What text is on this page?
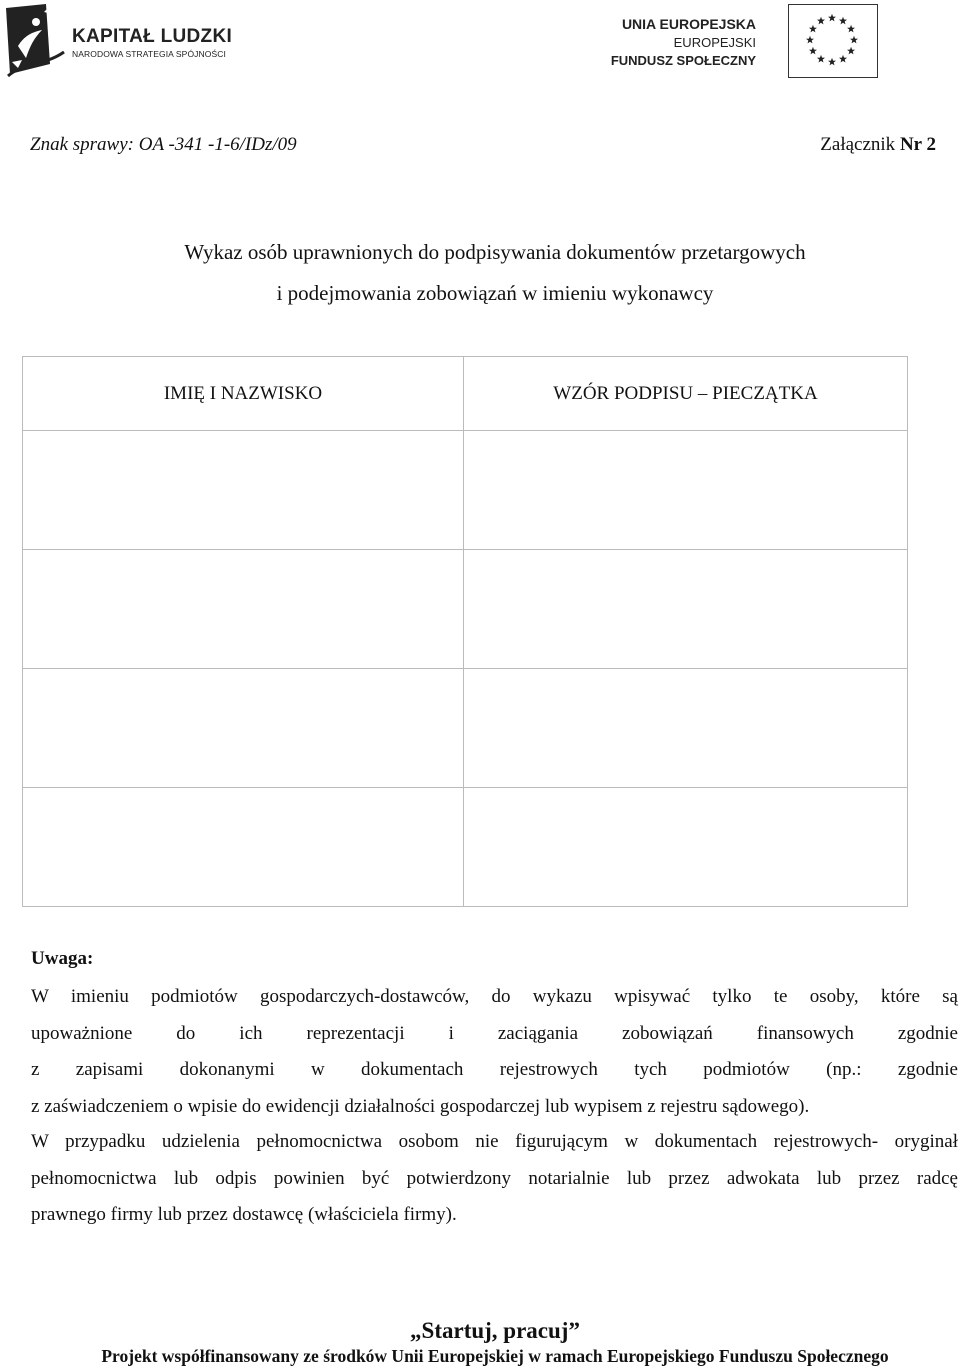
KAPITAŁ LUDZKI
NARODOWA STRATEGIA SPÓJNOŚCI
UNIA EUROPEJSKA
EUROPEJSKI
FUNDUSZ SPOŁECZNY
Znak sprawy: OA -341 -1-6/IDz/09	Załącznik Nr 2
Wykaz osób uprawnionych do podpisywania dokumentów przetargowych
i podejmowania zobowiązań w imieniu wykonawcy
IMIĘ I NAZWISKO	WZÓR PODPISU – PIECZĄTKA

Uwaga:
W imieniu podmiotów gospodarczych-dostawców, do wykazu wpisywać tylko te osoby, które są
upoważnione do ich reprezentacji i zaciągania zobowiązań finansowych zgodnie
z zapisami dokonanymi w dokumentach rejestrowych tych podmiotów (np.: zgodnie
z zaświadczeniem o wpisie do ewidencji działalności gospodarczej lub wypisem z rejestru sądowego).
W przypadku udzielenia pełnomocnictwa osobom nie figurującym w dokumentach rejestrowych- oryginał
pełnomocnictwa lub odpis powinien być potwierdzony notarialnie lub przez adwokata lub przez radcę
prawnego firmy lub przez dostawcę (właściciela firmy).
„Startuj, pracuj”
Projekt współfinansowany ze środków Unii Europejskiej w ramach Europejskiego Funduszu Społecznego
